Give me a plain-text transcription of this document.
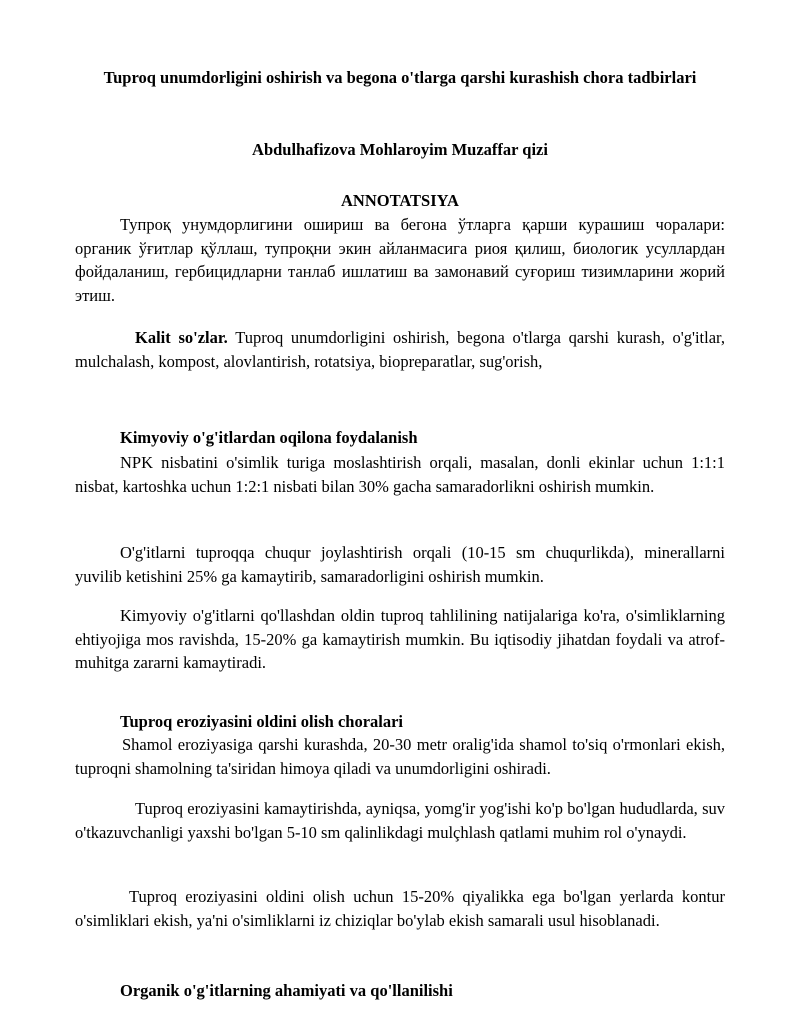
Tuproq unumdorligini oshirish va begona o'tlarga qarshi kurashish chora tadbirlari
Abdulhafizova Mohlaroyim Muzaffar qizi
ANNOTATSIYA

Тупроқ унумдорлигини ошириш ва бегона ўтларга қарши курашиш чоралари: органик ўғитлар қўллаш, тупроқни экин айланмасига риоя қилиш, биологик усуллардан фойдаланиш, гербицидларни танлаб ишлатиш ва замонавий суғориш тизимларини жорий этиш.

Kalit so'zlar. Tuproq unumdorligini oshirish, begona o'tlarga qarshi kurash, o'g'itlar, mulchalash, kompost, alovlantirish, rotatsiya, biopreparatlar, sug'orish,

Kimyoviy o'g'itlardan oqilona foydalanish

NPK nisbatini o'simlik turiga moslashtirish orqali, masalan, donli ekinlar uchun 1:1:1 nisbat, kartoshka uchun 1:2:1 nisbati bilan 30% gacha samaradorlikni oshirish mumkin.

O'g'itlarni tuproqqa chuqur joylashtirish orqali (10-15 sm chuqurlikda), minerallarni yuvilib ketishini 25% ga kamaytirib, samaradorligini oshirish mumkin.

Kimyoviy o'g'itlarni qo'llashdan oldin tuproq tahlilining natijalariga ko'ra, o'simliklarning ehtiyojiga mos ravishda, 15-20% ga kamaytirish mumkin. Bu iqtisodiy jihatdan foydali va atrof-muhitga zararni kamaytiradi.

Tuproq eroziyasini oldini olish choralari

Shamol eroziyasiga qarshi kurashda, 20-30 metr oralig'ida shamol to'siq o'rmonlari ekish, tuproqni shamolning ta'siridan himoya qiladi va unumdorligini oshiradi.

Tuproq eroziyasini kamaytirishda, ayniqsa, yomg'ir yog'ishi ko'p bo'lgan hududlarda, suv o'tkazuvchanligi yaxshi bo'lgan 5-10 sm qalinlikdagi mulçhlash qatlami muhim rol o'ynaydi.

Tuproq eroziyasini oldini olish uchun 15-20% qiyalikka ega bo'lgan yerlarda kontur o'simliklari ekish, ya'ni o'simliklarni iz chiziqlar bo'ylab ekish samarali usul hisoblanadi.

Organik o'g'itlarning ahamiyati va qo'llanilishi
